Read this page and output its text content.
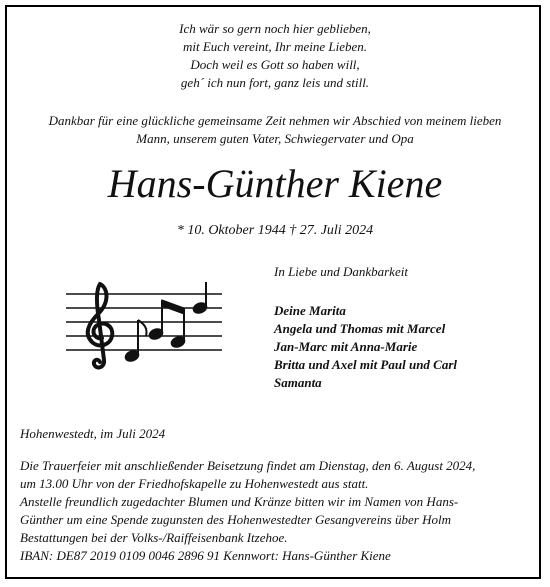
Ich wär so gern noch hier geblieben,
mit Euch vereint, Ihr meine Lieben.
Doch weil es Gott so haben will,
geh´ ich nun fort, ganz leis und still.
Dankbar für eine glückliche gemeinsame Zeit nehmen wir Abschied von meinem lieben
Mann, unserem guten Vater, Schwiegervater und Opa
Hans-Günther Kiene
* 10. Oktober 1944 † 27. Juli 2024
In Liebe und Dankbarkeit
Deine Marita
Angela und Thomas mit Marcel
Jan-Marc mit Anna-Marie
Britta und Axel mit Paul und Carl
Samanta
Hohenwestedt, im Juli 2024
Die Trauerfeier mit anschließender Beisetzung findet am Dienstag, den 6. August 2024,
um 13.00 Uhr von der Friedhofskapelle zu Hohenwestedt aus statt.
Anstelle freundlich zugedachter Blumen und Kränze bitten wir im Namen von Hans-
Günther um eine Spende zugunsten des Hohenwestedter Gesangvereins über Holm
Bestattungen bei der Volks-/Raiffeisenbank Itzehoe.
IBAN: DE87 2019 0109 0046 2896 91 Kennwort: Hans-Günther Kiene
